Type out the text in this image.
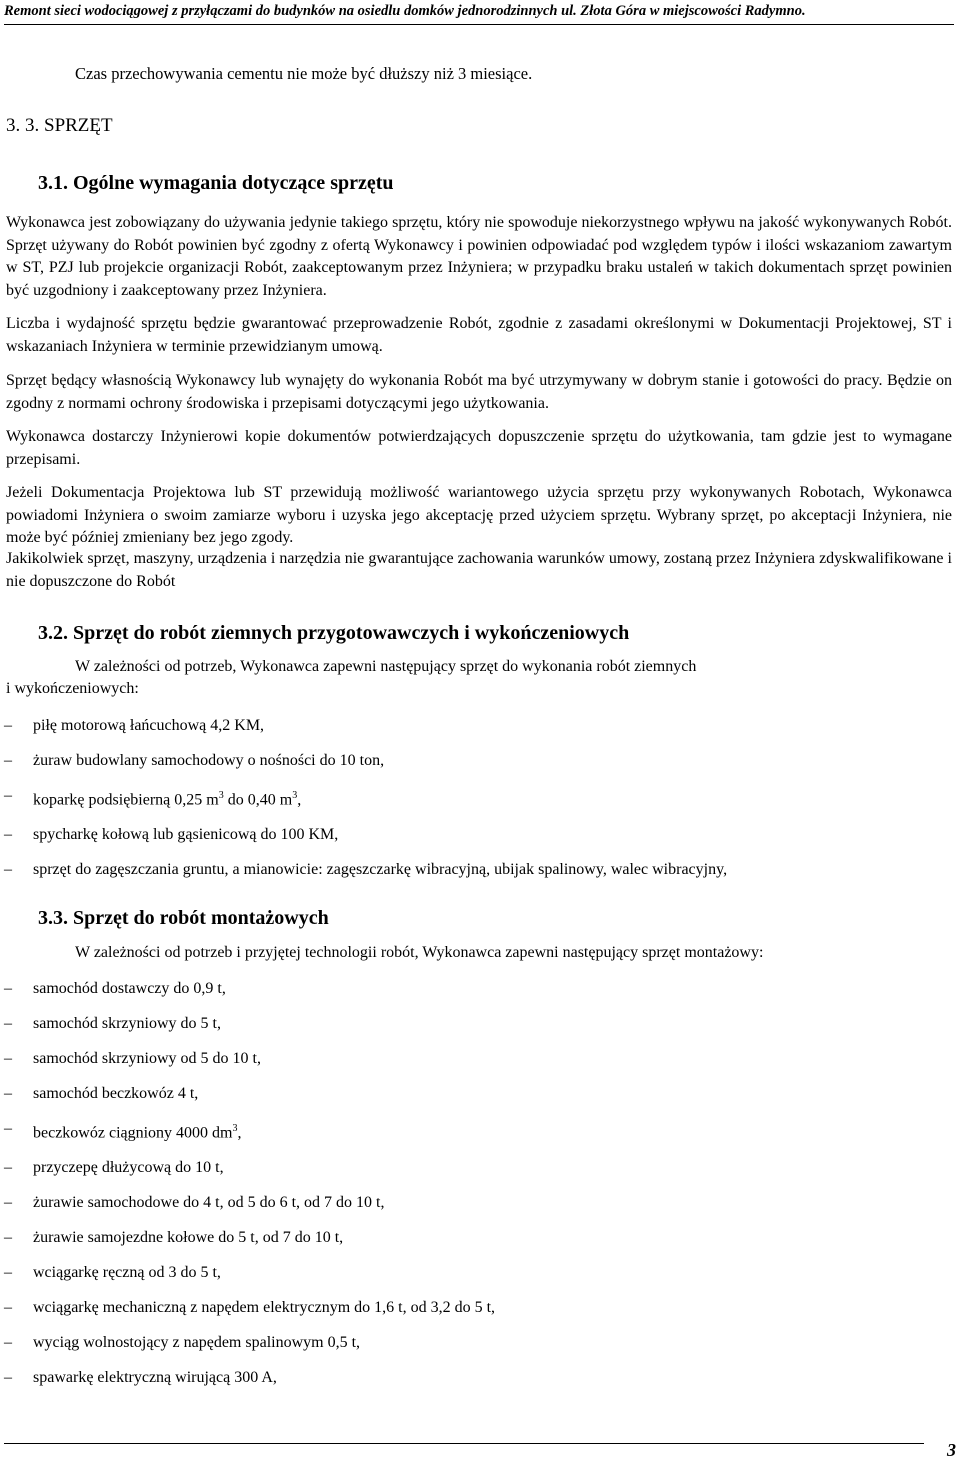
Remont sieci wodociągowej z przyłączami do budynków na osiedlu domków jednorodzinnych ul. Złota Góra w miejscowości Radymno.
Czas przechowywania cementu nie może być dłuższy niż 3 miesiące.
3. 3. SPRZĘT
3.1. Ogólne wymagania dotyczące sprzętu

Wykonawca jest zobowiązany do używania jedynie takiego sprzętu, który nie spowoduje niekorzystnego wpływu na jakość wykonywanych Robót. Sprzęt używany do Robót powinien być zgodny z ofertą Wykonawcy i powinien odpowiadać pod względem typów i ilości wskazaniom zawartym w ST, PZJ lub projekcie organizacji Robót, zaakceptowanym przez Inżyniera; w przypadku braku ustaleń w takich dokumentach sprzęt powinien być uzgodniony i zaakceptowany przez Inżyniera.

Liczba i wydajność sprzętu będzie gwarantować przeprowadzenie Robót, zgodnie z zasadami określonymi w Dokumentacji Projektowej, ST i wskazaniach Inżyniera w terminie przewidzianym umową.

Sprzęt będący własnością Wykonawcy lub wynajęty do wykonania Robót ma być utrzymywany w dobrym stanie i gotowości do pracy. Będzie on zgodny z normami ochrony środowiska i przepisami dotyczącymi jego użytkowania.

Wykonawca dostarczy Inżynierowi kopie dokumentów potwierdzających dopuszczenie sprzętu do użytkowania, tam gdzie jest to wymagane przepisami.

Jeżeli Dokumentacja Projektowa lub ST przewidują możliwość wariantowego użycia sprzętu przy wykonywanych Robotach, Wykonawca powiadomi Inżyniera o swoim zamiarze wyboru i uzyska jego akceptację przed użyciem sprzętu. Wybrany sprzęt, po akceptacji Inżyniera, nie może być później zmieniany bez jego zgody.

Jakikolwiek sprzęt, maszyny, urządzenia i narzędzia nie gwarantujące zachowania warunków umowy, zostaną przez Inżyniera zdyskwalifikowane i nie dopuszczone do Robót

3.2. Sprzęt do robót ziemnych przygotowawczych i wykończeniowych
W zależności od potrzeb, Wykonawca zapewni następujący sprzęt do wykonania robót ziemnych
i wykończeniowych:
– piłę motorową łańcuchową 4,2 KM,
– żuraw budowlany samochodowy o nośności do 10 ton,
– koparkę podsiębierną 0,25 $m^3$ do 0,40 $m^3$,
– spycharkę kołową lub gąsienicową do 100 KM,
– sprzęt do zagęszczania gruntu, a mianowicie: zagęszczarkę wibracyjną, ubijak spalinowy, walec wibracyjny,
3.3. Sprzęt do robót montażowych
W zależności od potrzeb i przyjętej technologii robót, Wykonawca zapewni następujący sprzęt montażowy:
– samochód dostawczy do 0,9 t,
– samochód skrzyniowy do 5 t,
– samochód skrzyniowy od 5 do 10 t,
– samochód beczkowóz 4 t,
– beczkowóz ciągniony 4000 $dm^3$,
– przyczepę dłużycową do 10 t,
– żurawie samochodowe do 4 t, od 5 do 6 t, od 7 do 10 t,
– żurawie samojezdne kołowe do 5 t, od 7 do 10 t,
– wciągarkę ręczną od 3 do 5 t,
– wciągarkę mechaniczną z napędem elektrycznym do 1,6 t, od 3,2 do 5 t,
– wyciąg wolnostojący z napędem spalinowym 0,5 t,
– spawarkę elektryczną wirującą 300 A,
3
